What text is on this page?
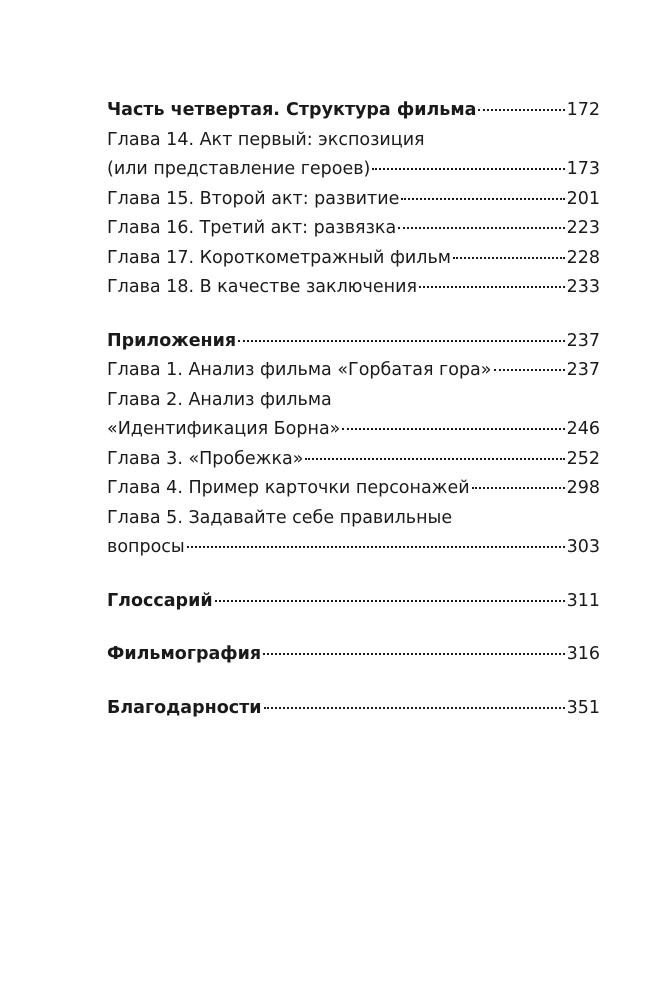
Часть четвертая. Структура фильма	172
Глава 14. Акт первый: экспозиция
(или представление героев)	173
Глава 15. Второй акт: развитие	201
Глава 16. Третий акт: развязка	223
Глава 17. Короткометражный фильм	228
Глава 18. В качестве заключения	233
Приложения	237
Глава 1. Анализ фильма «Горбатая гора»	237
Глава 2. Анализ фильма
«Идентификация Борна»	246
Глава 3. «Пробежка»	252
Глава 4. Пример карточки персонажей	298
Глава 5. Задавайте себе правильные
вопросы	303
Глоссарий	311
Фильмография	316
Благодарности	351
